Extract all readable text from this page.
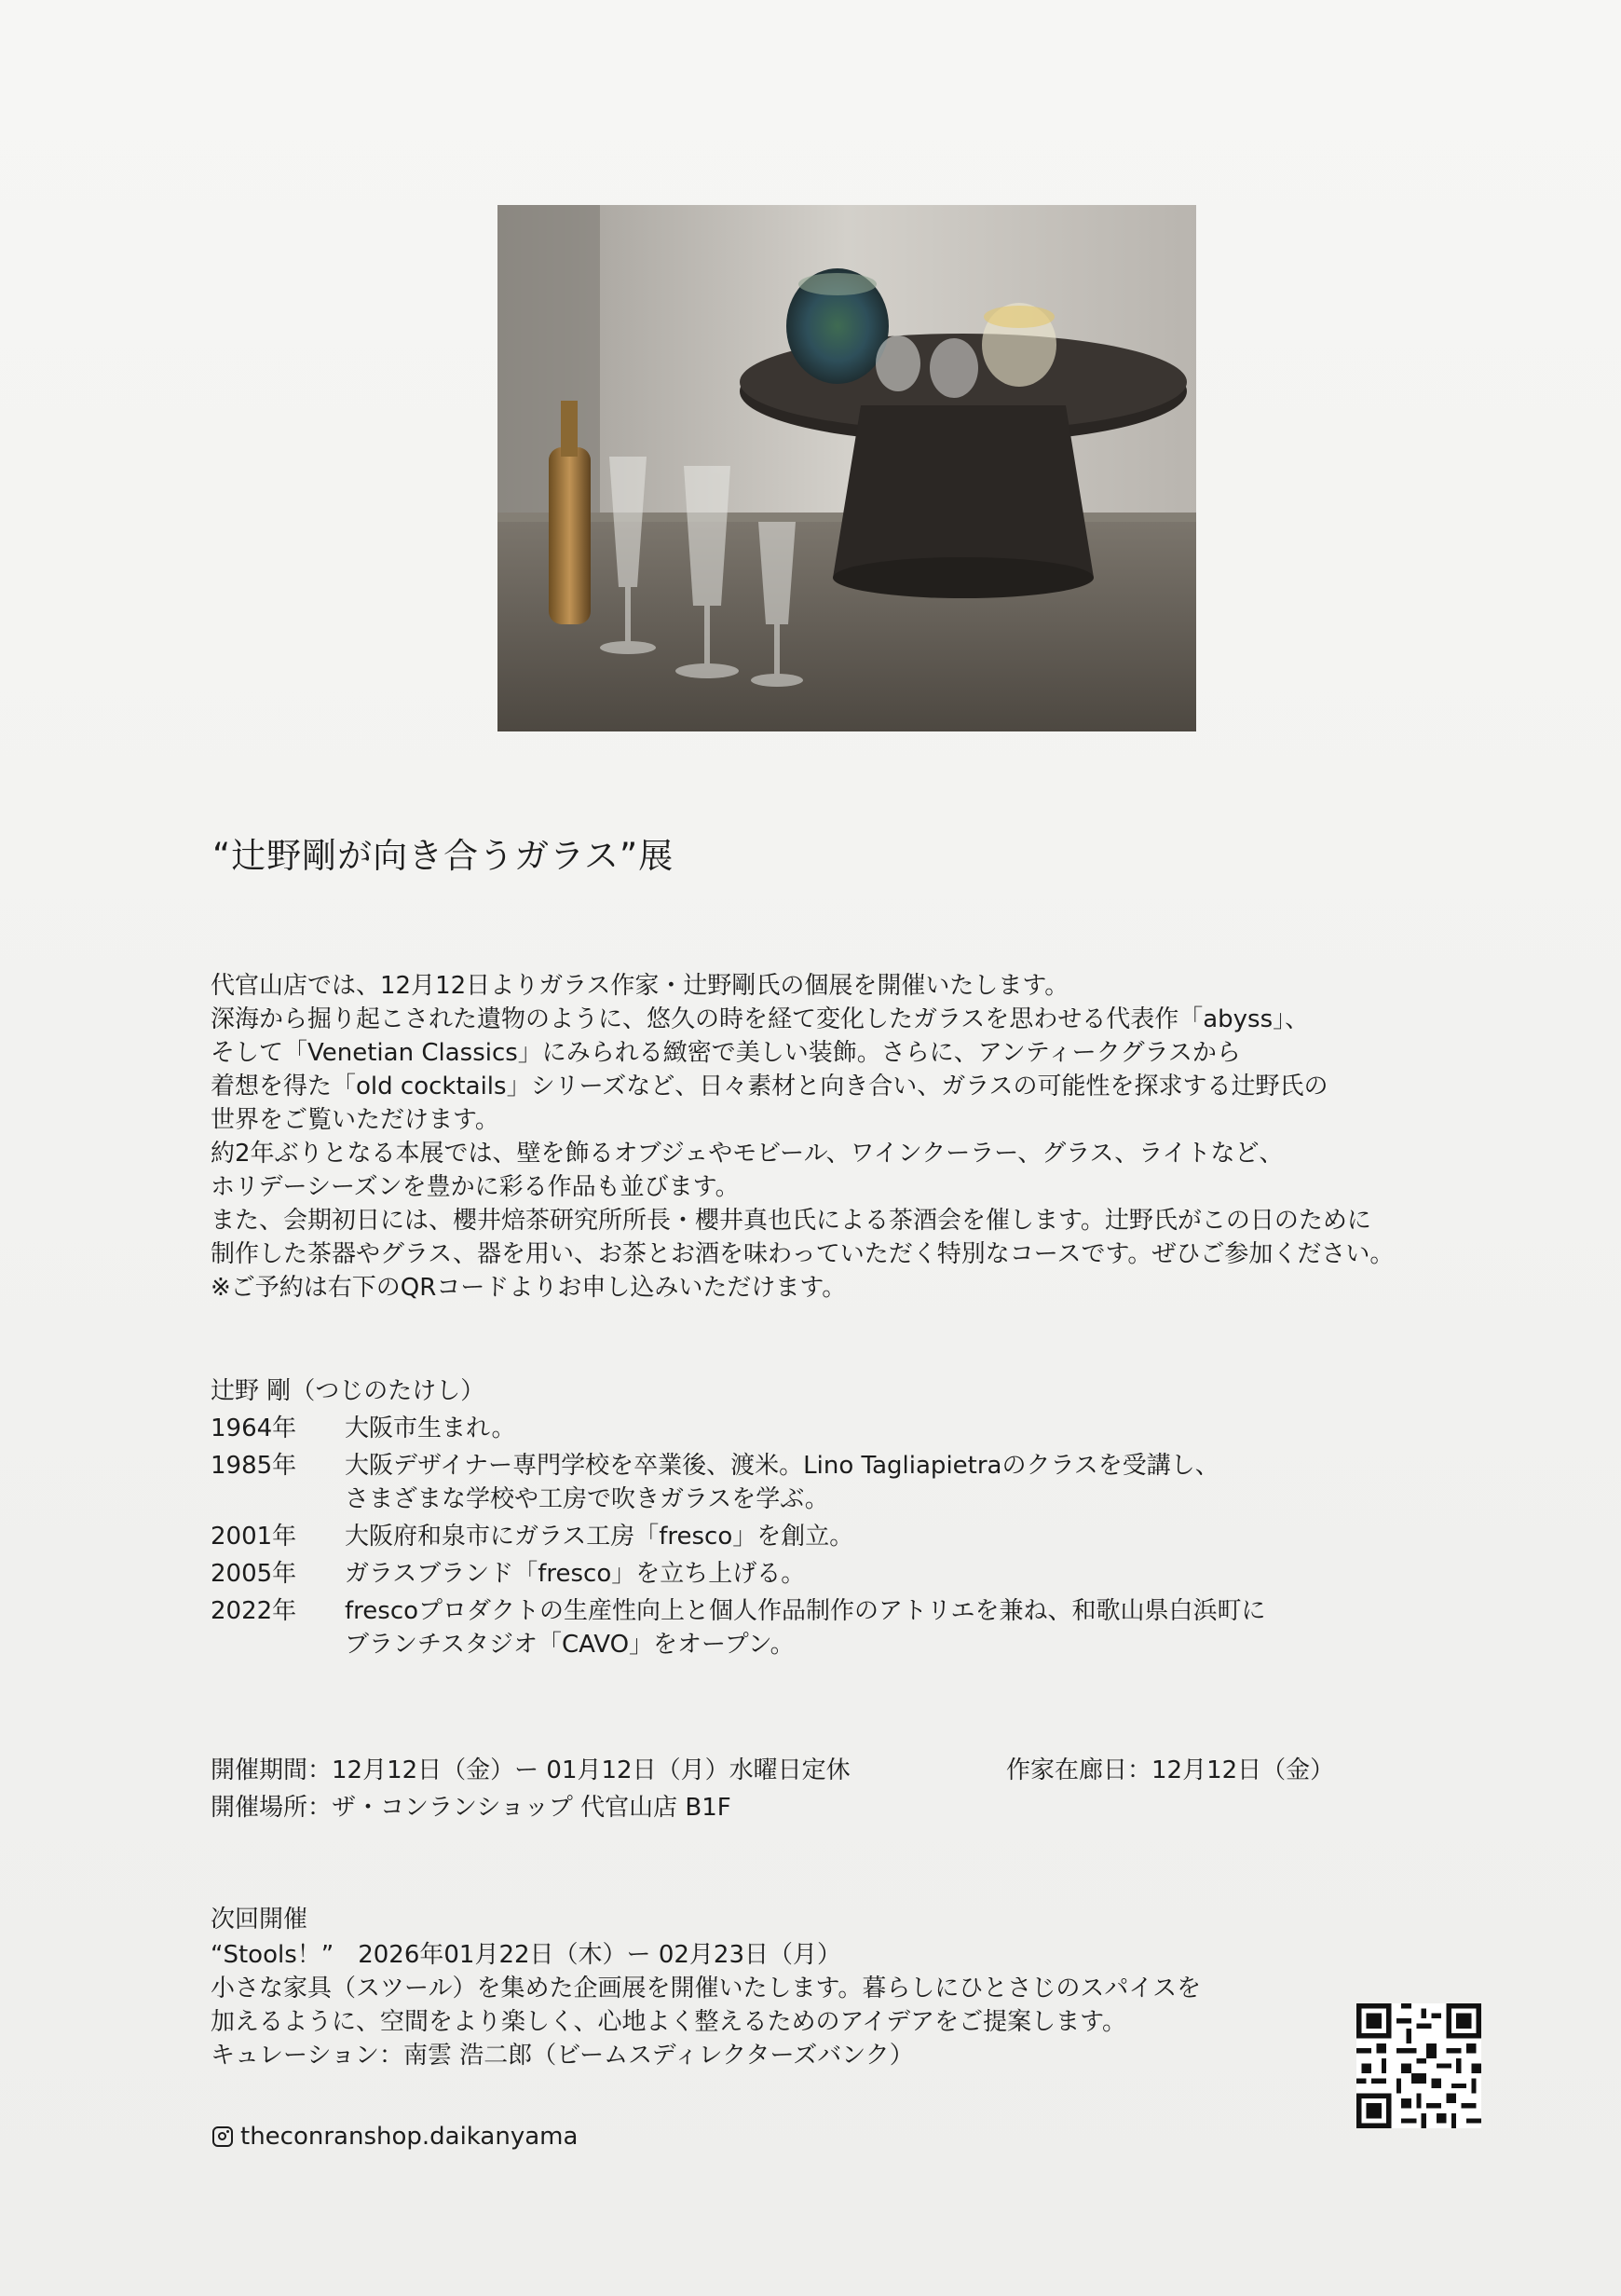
“辻野剛が向き合うガラス”展

代官山店では、12月12日よりガラス作家・辻野剛氏の個展を開催いたします。

深海から掘り起こされた遺物のように、悠久の時を経て変化したガラスを思わせる代表作「abyss」、

そして「Venetian Classics」にみられる緻密で美しい装飾。さらに、アンティークグラスから

着想を得た「old cocktails」シリーズなど、日々素材と向き合い、ガラスの可能性を探求する辻野氏の

世界をご覧いただけます。

約2年ぶりとなる本展では、壁を飾るオブジェやモビール、ワインクーラー、グラス、ライトなど、

ホリデーシーズンを豊かに彩る作品も並びます。

また、会期初日には、櫻井焙茶研究所所長・櫻井真也氏による茶酒会を催します。辻野氏がこの日のために

制作した茶器やグラス、器を用い、お茶とお酒を味わっていただく特別なコースです。ぜひご参加ください。

※ご予約は右下のQRコードよりお申し込みいただけます。

辻野 剛（つじのたけし）

1964年	大阪市生まれ。
1985年	大阪デザイナー専門学校を卒業後、渡米。Lino Tagliapietraのクラスを受講し、
さまざまな学校や工房で吹きガラスを学ぶ。
2001年	大阪府和泉市にガラス工房「fresco」を創立。
2005年	ガラスブランド「fresco」を立ち上げる。
2022年	frescoプロダクトの生産性向上と個人作品制作のアトリエを兼ね、和歌山県白浜町に
ブランチスタジオ「CAVO」をオープン。
開催期間：12月12日（金）ー 01月12日（月）水曜日定休	作家在廊日：12月12日（金）
開催場所：ザ・コンランショップ 代官山店 B1F

次回開催

“Stools！”　2026年01月22日（木）ー 02月23日（月）

小さな家具（スツール）を集めた企画展を開催いたします。暮らしにひとさじのスパイスを

加えるように、空間をより楽しく、心地よく整えるためのアイデアをご提案します。

キュレーション：南雲 浩二郎（ビームスディレクターズバンク）

theconranshop.daikanyama
